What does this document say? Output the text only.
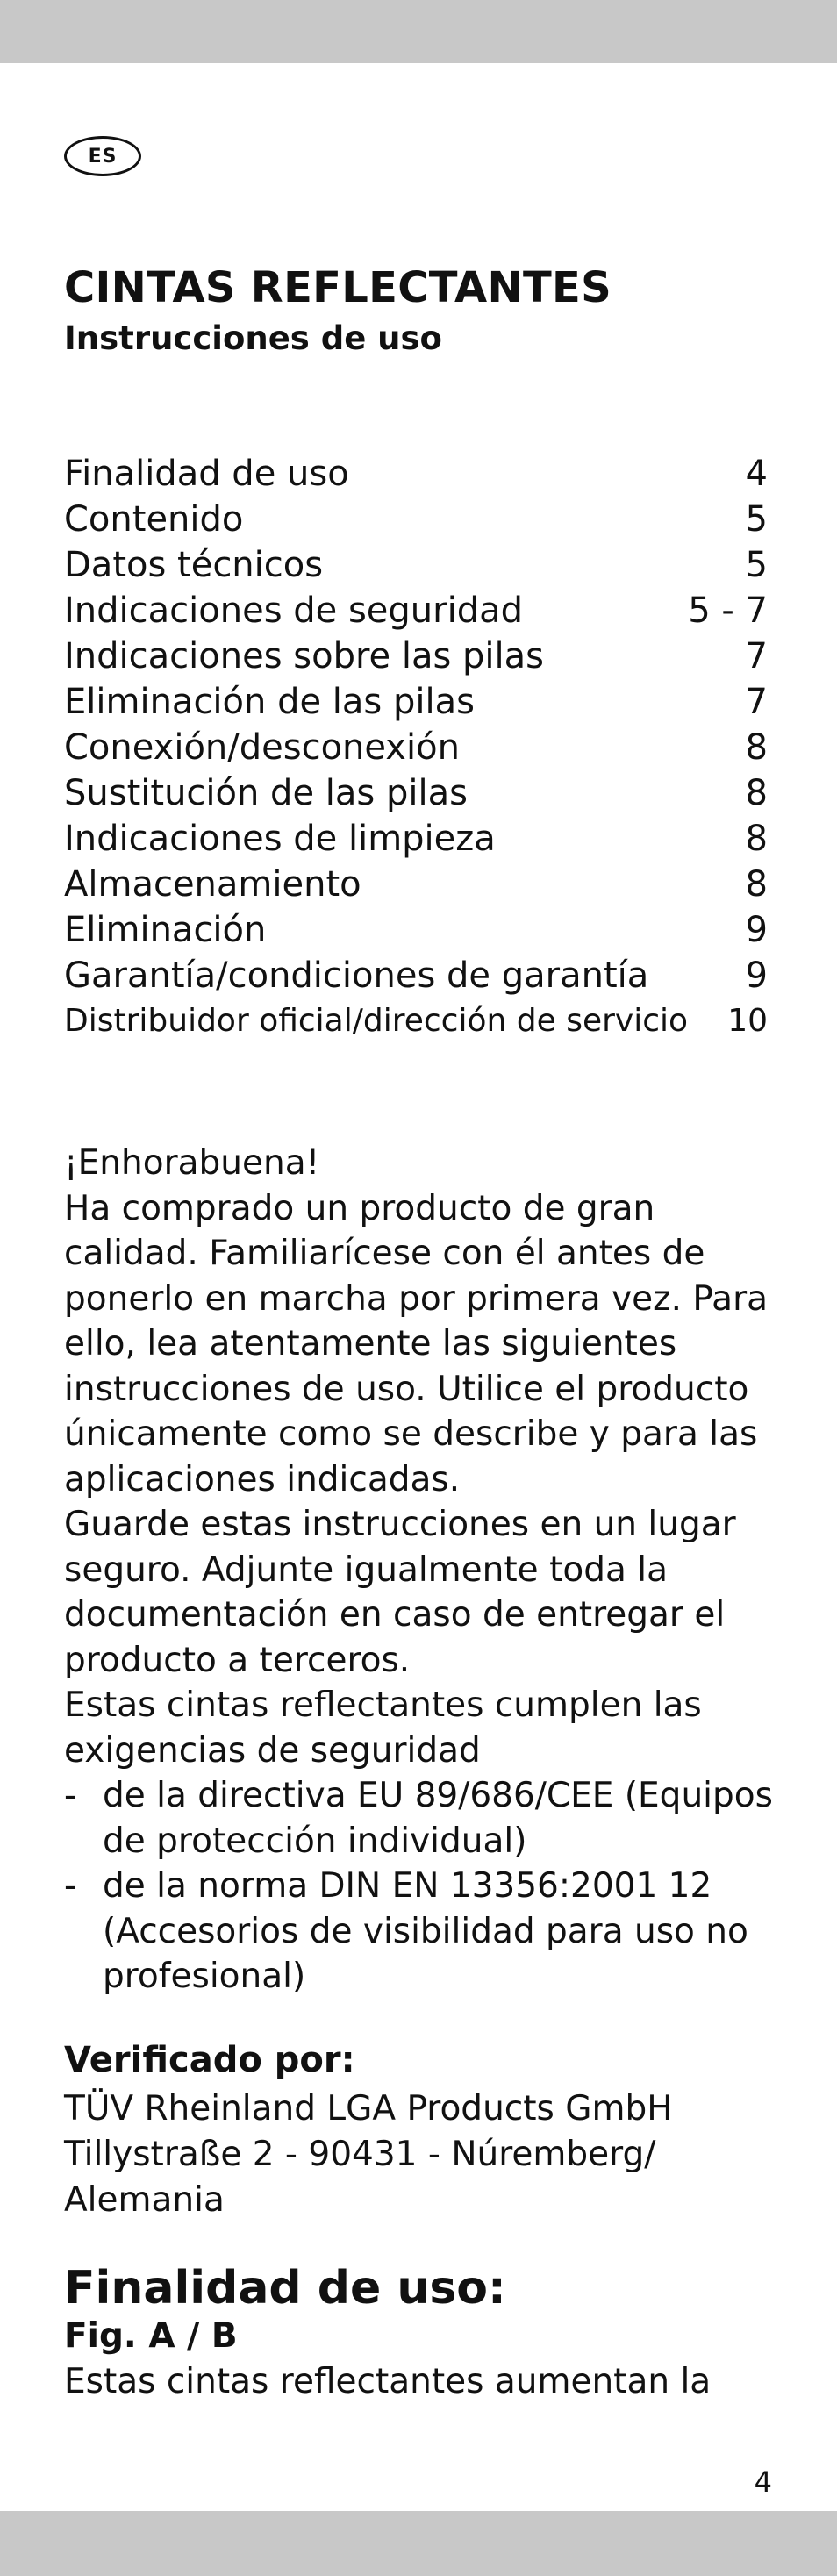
ES
CINTAS REFLECTANTES
Instrucciones de uso
Finalidad de uso	4
Contenido	5
Datos técnicos	5
Indicaciones de seguridad	5 - 7
Indicaciones sobre las pilas	7
Eliminación de las pilas	7
Conexión/desconexión	8
Sustitución de las pilas	8
Indicaciones de limpieza	8
Almacenamiento	8
Eliminación	9
Garantía/condiciones de garantía	9
Distribuidor oficial/dirección de servicio 10

¡Enhorabuena!

Ha comprado un producto de gran calidad. Familiarícese con él antes de ponerlo en marcha por primera vez. Para ello, lea atentamente las siguientes instrucciones de uso. Utilice el producto únicamente como se describe y para las aplicaciones indicadas.

Guarde estas instrucciones en un lugar seguro. Adjunte igualmente toda la documentación en caso de entregar el producto a terceros.

Estas cintas reflectantes cumplen las exigencias de seguridad

- de la directiva EU 89/686/CEE (Equipos de protección individual)
- de la norma DIN EN 13356:2001 12 (Accesorios de visibilidad para uso no profesional)
Verificado por:
TÜV Rheinland LGA Products GmbH
Tillystraße 2 - 90431 - Núremberg/
Alemania
Finalidad de uso:
Fig. A / B

Estas cintas reflectantes aumentan la

4
